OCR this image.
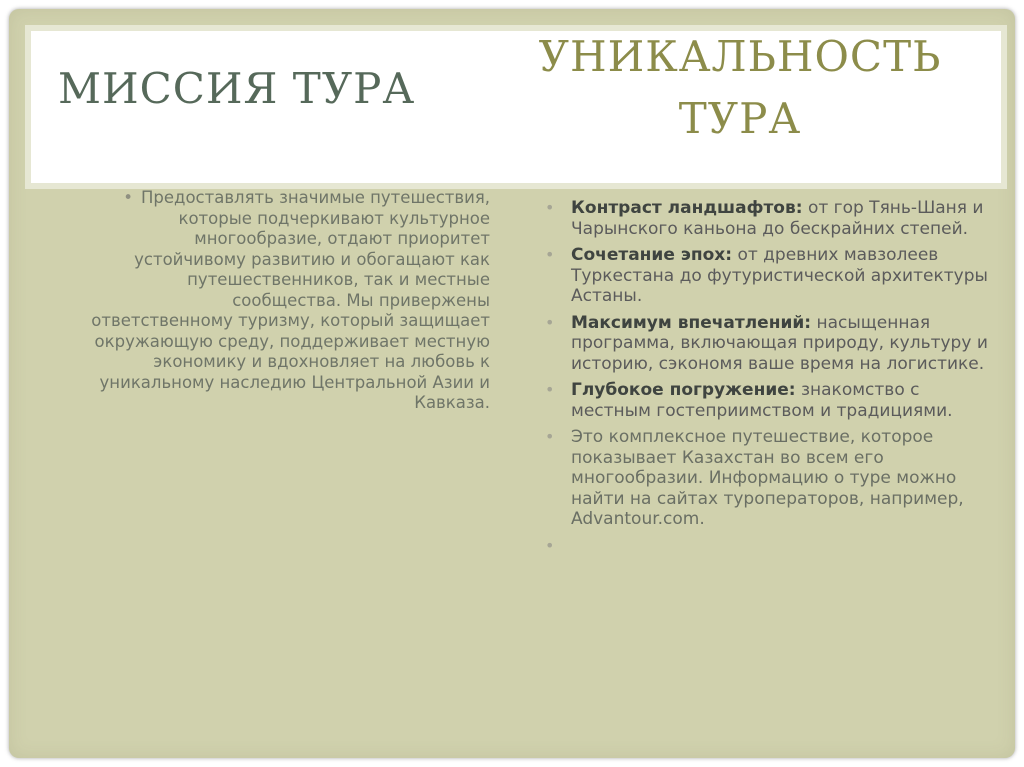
МИССИЯ ТУРА
УНИКАЛЬНОСТЬ ТУРА
• Предоставлять значимые путешествия, которые подчеркивают культурное многообразие, отдают приоритет устойчивому развитию и обогащают как путешественников, так и местные сообщества. Мы привержены ответственному туризму, который защищает окружающую среду, поддерживает местную экономику и вдохновляет на любовь к уникальному наследию Центральной Азии и Кавказа.
• Контраст ландшафтов: от гор Тянь-Шаня и Чарынского каньона до бескрайних степей.
• Сочетание эпох: от древних мавзолеев Туркестана до футуристической архитектуры Астаны.
• Максимум впечатлений: насыщенная программа, включающая природу, культуру и историю, сэкономя ваше время на логистике.
• Глубокое погружение: знакомство с местным гостеприимством и традициями.
• Это комплексное путешествие, которое показывает Казахстан во всем его многообразии. Информацию о туре можно найти на сайтах туроператоров, например, Advantour.com.
•
